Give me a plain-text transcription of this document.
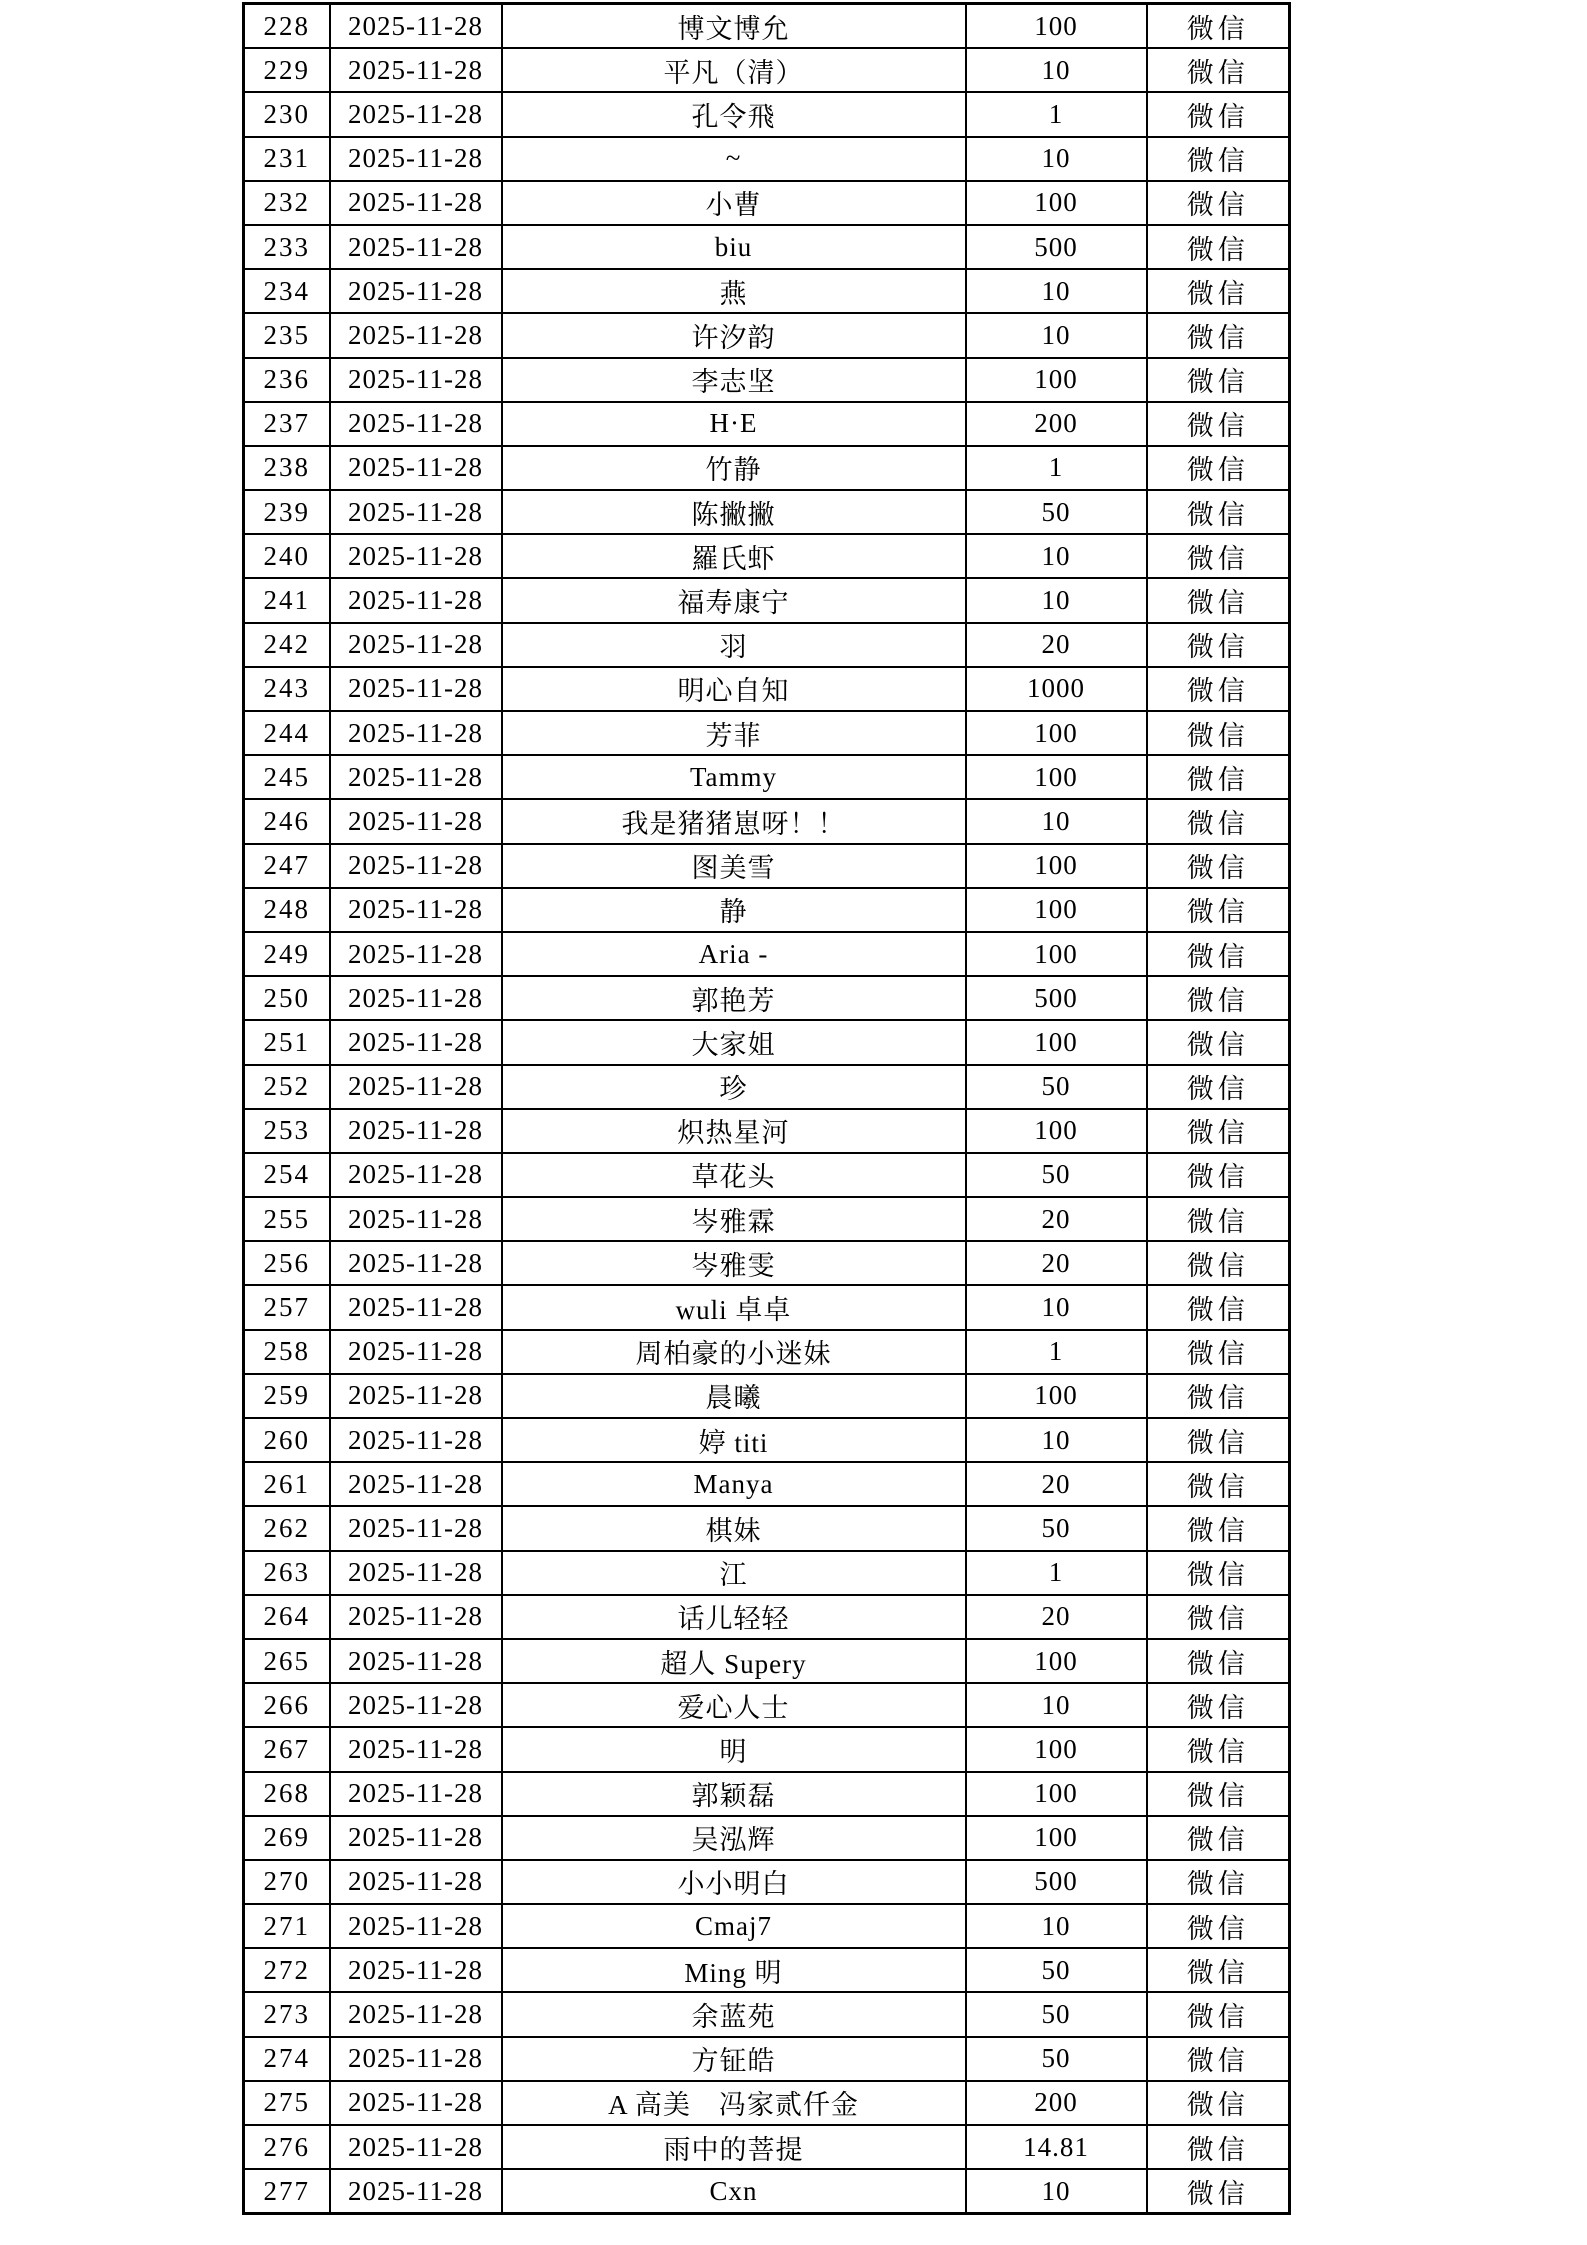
228	2025-11-28	博文博允	100	微信
229	2025-11-28	平凡（清）	10	微信
230	2025-11-28	孔令飛	1	微信
231	2025-11-28	~	10	微信
232	2025-11-28	小曹	100	微信
233	2025-11-28	biu	500	微信
234	2025-11-28	燕	10	微信
235	2025-11-28	许汐韵	10	微信
236	2025-11-28	李志坚	100	微信
237	2025-11-28	H·E	200	微信
238	2025-11-28	竹静	1	微信
239	2025-11-28	陈撇撇	50	微信
240	2025-11-28	羅氏虾	10	微信
241	2025-11-28	福寿康宁	10	微信
242	2025-11-28	羽	20	微信
243	2025-11-28	明心自知	1000	微信
244	2025-11-28	芳菲	100	微信
245	2025-11-28	Tammy	100	微信
246	2025-11-28	我是猪猪崽呀！！	10	微信
247	2025-11-28	图美雪	100	微信
248	2025-11-28	静	100	微信
249	2025-11-28	Aria -	100	微信
250	2025-11-28	郭艳芳	500	微信
251	2025-11-28	大家姐	100	微信
252	2025-11-28	珍	50	微信
253	2025-11-28	炽热星河	100	微信
254	2025-11-28	草花头	50	微信
255	2025-11-28	岑雅霖	20	微信
256	2025-11-28	岑雅雯	20	微信
257	2025-11-28	wuli 卓卓	10	微信
258	2025-11-28	周柏豪的小迷妹	1	微信
259	2025-11-28	晨曦	100	微信
260	2025-11-28	婷 titi	10	微信
261	2025-11-28	Manya	20	微信
262	2025-11-28	棋妹	50	微信
263	2025-11-28	江	1	微信
264	2025-11-28	话儿轻轻	20	微信
265	2025-11-28	超人 Supery	100	微信
266	2025-11-28	爱心人士	10	微信
267	2025-11-28	明	100	微信
268	2025-11-28	郭颖磊	100	微信
269	2025-11-28	吴泓辉	100	微信
270	2025-11-28	小小明白	500	微信
271	2025-11-28	Cmaj7	10	微信
272	2025-11-28	Ming 明	50	微信
273	2025-11-28	余蓝苑	50	微信
274	2025-11-28	方钲皓	50	微信
275	2025-11-28	A 高美　冯家贰仟金	200	微信
276	2025-11-28	雨中的菩提	14.81	微信
277	2025-11-28	Cxn	10	微信
